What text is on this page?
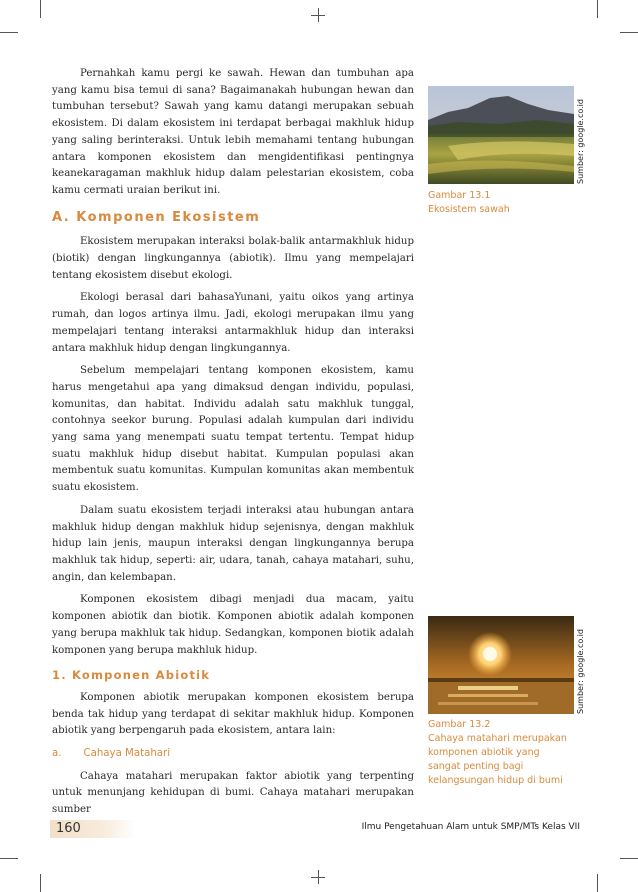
Pernahkah kamu pergi ke sawah. Hewan dan tumbuhan apa yang kamu bisa temui di sana? Bagaimanakah hubungan hewan dan tumbuhan tersebut? Sawah yang kamu datangi merupakan sebuah ekosistem. Di dalam ekosistem ini terdapat berbagai makhluk hidup yang saling berinteraksi. Untuk lebih memahami tentang hubungan antara komponen ekosistem dan mengidentifikasi pentingnya keanekaragaman makhluk hidup dalam pelestarian ekosistem, coba kamu cermati uraian berikut ini.

A. Komponen Ekosistem

Ekosistem merupakan interaksi bolak-balik antarmakhluk hidup (biotik) dengan lingkungannya (abiotik). Ilmu yang mempelajari tentang ekosistem disebut ekologi.

Ekologi berasal dari bahasaYunani, yaitu oikos yang artinya rumah, dan logos artinya ilmu. Jadi, ekologi merupakan ilmu yang mempelajari tentang interaksi antarmakhluk hidup dan interaksi antara makhluk hidup dengan lingkungannya.

Sebelum mempelajari tentang komponen ekosistem, kamu harus mengetahui apa yang dimaksud dengan individu, populasi, komunitas, dan habitat. Individu adalah satu makhluk tunggal, contohnya seekor burung. Populasi adalah kumpulan dari individu yang sama yang menempati suatu tempat tertentu. Tempat hidup suatu makhluk hidup disebut habitat. Kumpulan populasi akan membentuk suatu komunitas. Kumpulan komunitas akan membentuk suatu ekosistem.

Dalam suatu ekosistem terjadi interaksi atau hubungan antara makhluk hidup dengan makhluk hidup sejenisnya, dengan makhluk hidup lain jenis, maupun interaksi dengan lingkungannya berupa makhluk tak hidup, seperti: air, udara, tanah, cahaya matahari, suhu, angin, dan kelembapan.

Komponen ekosistem dibagi menjadi dua macam, yaitu komponen abiotik dan biotik. Komponen abiotik adalah komponen yang berupa makhluk tak hidup. Sedangkan, komponen biotik adalah komponen yang berupa makhluk hidup.

1. Komponen Abiotik

Komponen abiotik merupakan komponen ekosistem berupa benda tak hidup yang terdapat di sekitar makhluk hidup. Komponen abiotik yang berpengaruh pada ekosistem, antara lain:

a. Cahaya Matahari

Cahaya matahari merupakan faktor abiotik yang terpenting untuk menunjang kehidupan di bumi. Cahaya matahari merupakan sumber

Sumber: google.co.id
Gambar 13.1
Ekosistem sawah
Sumber: google.co.id
Gambar 13.2
Cahaya matahari merupakan
komponen abiotik yang
sangat penting bagi
kelangsungan hidup di bumi
160	Ilmu Pengetahuan Alam untuk SMP/MTs Kelas VII
